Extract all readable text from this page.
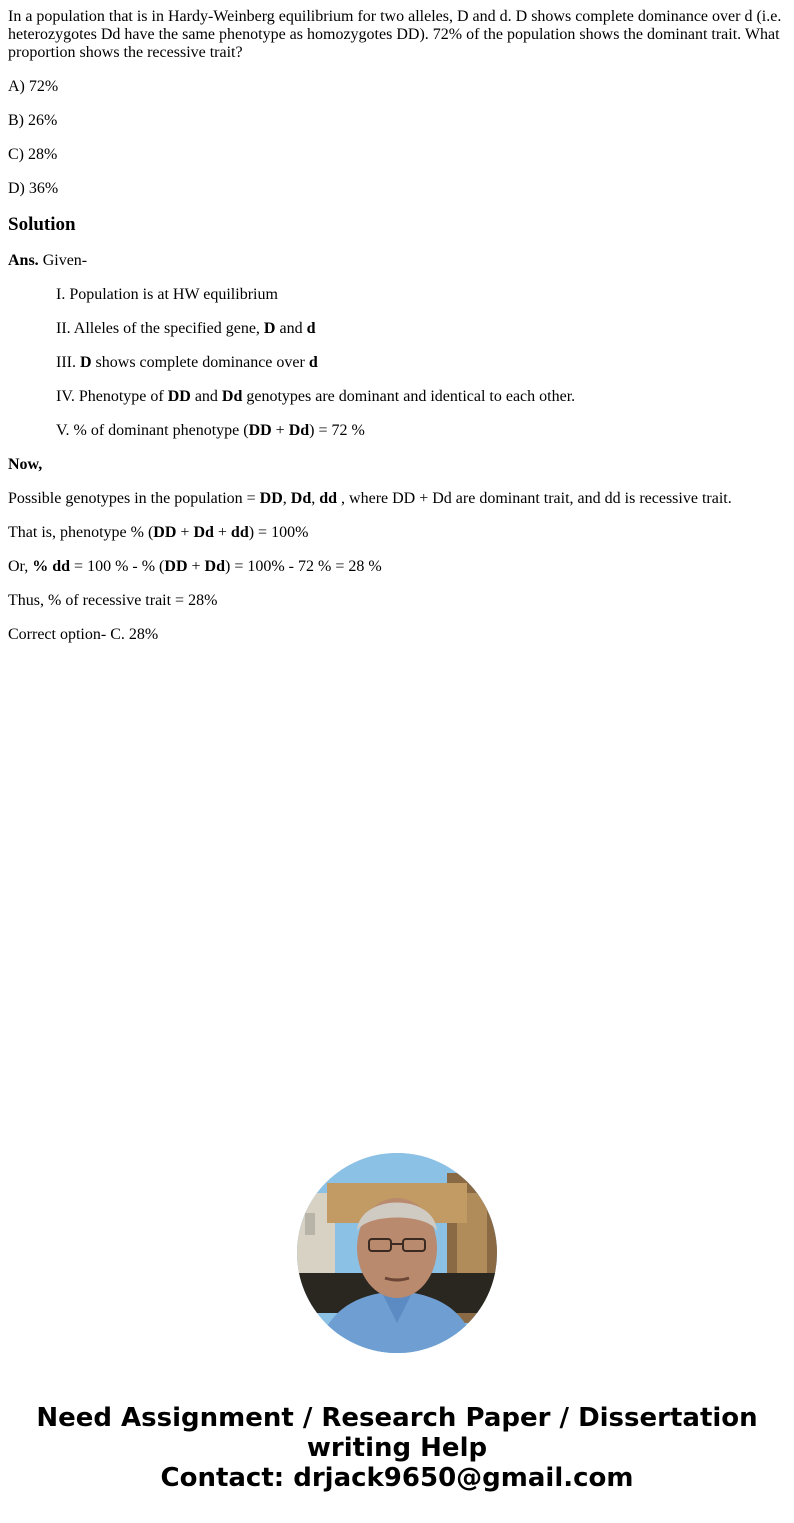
In a population that is in Hardy-Weinberg equilibrium for two alleles, D and d. D shows complete dominance over d (i.e. heterozygotes Dd have the same phenotype as homozygotes DD). 72% of the population shows the dominant trait. What proportion shows the recessive trait?

A) 72%

B) 26%

C) 28%

D) 36%

Solution

Ans. Given-

I. Population is at HW equilibrium

II. Alleles of the specified gene, D and d

III. D shows complete dominance over d

IV. Phenotype of DD and Dd genotypes are dominant and identical to each other.

V. % of dominant phenotype (DD + Dd) = 72 %

Now,

Possible genotypes in the population = DD, Dd, dd , where DD + Dd are dominant trait, and dd is recessive trait.

That is, phenotype % (DD + Dd + dd) = 100%

Or, % dd = 100 % - % (DD + Dd) = 100% - 72 % = 28 %

Thus, % of recessive trait = 28%

Correct option- C. 28%

Need Assignment / Research Paper / Dissertation
writing Help
Contact: drjack9650@gmail.com
